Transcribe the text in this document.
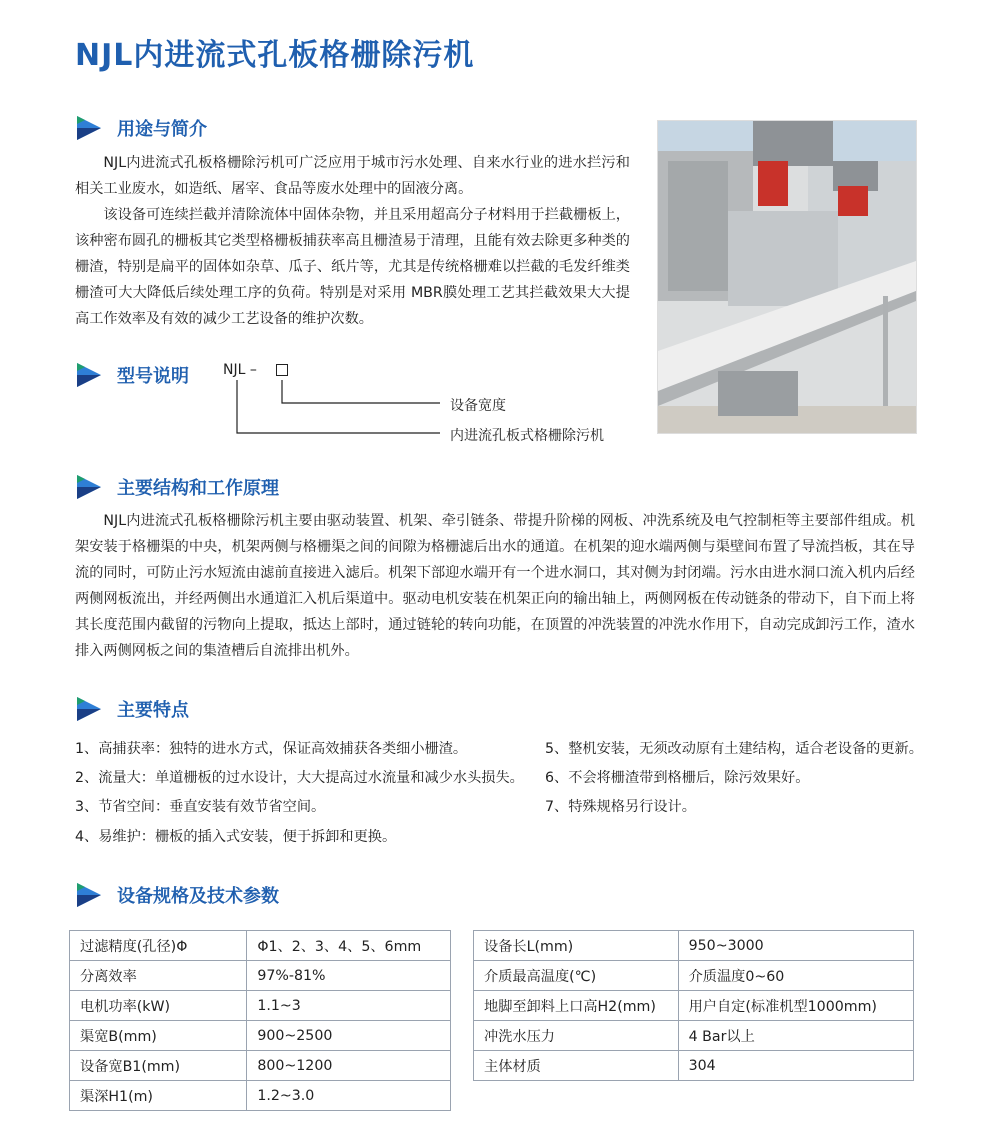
NJL内进流式孔板格栅除污机
用途与简介

NJL内进流式孔板格栅除污机可广泛应用于城市污水处理、自来水行业的进水拦污和相关工业废水，如造纸、屠宰、食品等废水处理中的固液分离。

该设备可连续拦截并清除流体中固体杂物，并且采用超高分子材料用于拦截栅板上，该种密布圆孔的栅板其它类型格栅板捕获率高且栅渣易于清理，且能有效去除更多种类的栅渣，特别是扁平的固体如杂草、瓜子、纸片等，尤其是传统格栅难以拦截的毛发纤维类栅渣可大大降低后续处理工序的负荷。特别是对采用 MBR膜处理工艺其拦截效果大大提高工作效率及有效的减少工艺设备的维护次数。

型号说明 NJL –
设备宽度
内进流孔板式格栅除污机
主要结构和工作原理

NJL内进流式孔板格栅除污机主要由驱动装置、机架、牵引链条、带提升阶梯的网板、冲洗系统及电气控制柜等主要部件组成。机架安装于格栅渠的中央，机架两侧与格栅渠之间的间隙为格栅滤后出水的通道。在机架的迎水端两侧与渠壁间布置了导流挡板，其在导流的同时，可防止污水短流由滤前直接进入滤后。机架下部迎水端开有一个进水洞口，其对侧为封闭端。污水由进水洞口流入机内后经两侧网板流出，并经两侧出水通道汇入机后渠道中。驱动电机安装在机架正向的输出轴上，两侧网板在传动链条的带动下，自下而上将其长度范围内截留的污物向上提取，抵达上部时，通过链轮的转向功能，在顶置的冲洗装置的冲洗水作用下，自动完成卸污工作，渣水排入两侧网板之间的集渣槽后自流排出机外。

主要特点
1、高捕获率：独特的进水方式，保证高效捕获各类细小栅渣。
2、流量大：单道栅板的过水设计，大大提高过水流量和减少水头损失。
3、节省空间：垂直安装有效节省空间。
4、易维护：栅板的插入式安装，便于拆卸和更换。
5、整机安装，无须改动原有土建结构，适合老设备的更新。
6、不会将栅渣带到格栅后，除污效果好。
7、特殊规格另行设计。
设备规格及技术参数
过滤精度(孔径)Φ	Φ1、2、3、4、5、6mm
分离效率	97%-81%
电机功率(kW)	1.1~3
渠宽B(mm)	900~2500
设备宽B1(mm)	800~1200
渠深H1(m)	1.2~3.0
设备长L(mm)	950~3000
介质最高温度(℃)	介质温度0~60
地脚至卸料上口高H2(mm)	用户自定(标准机型1000mm)
冲洗水压力	4 Bar以上
主体材质	304
